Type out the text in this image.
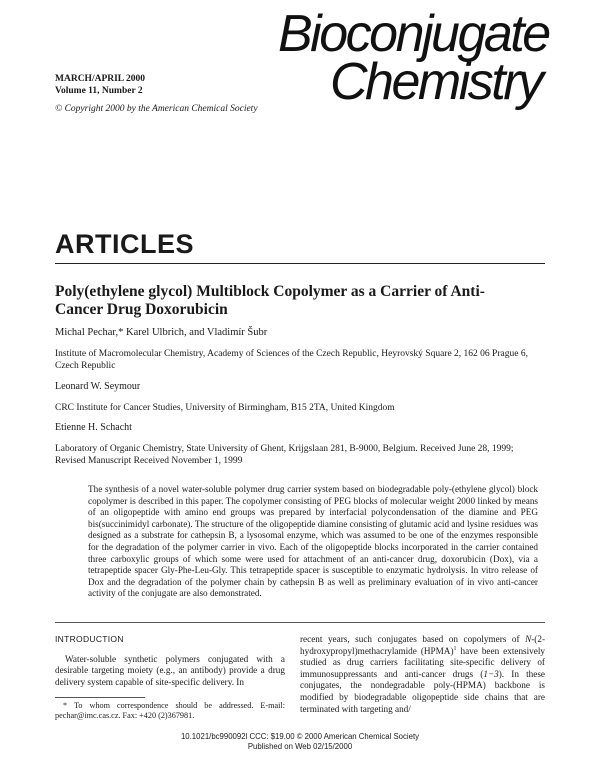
MARCH/APRIL 2000
Volume 11, Number 2
© Copyright 2000 by the American Chemical Society
Bioconjugate
Chemistry
ARTICLES
Poly(ethylene glycol) Multiblock Copolymer as a Carrier of Anti-Cancer Drug Doxorubicin
Michal Pechar,* Karel Ulbrich, and Vladimír Šubr
Institute of Macromolecular Chemistry, Academy of Sciences of the Czech Republic, Heyrovský Square 2, 162 06 Prague 6, Czech Republic
Leonard W. Seymour
CRC Institute for Cancer Studies, University of Birmingham, B15 2TA, United Kingdom
Etienne H. Schacht
Laboratory of Organic Chemistry, State University of Ghent, Krijgslaan 281, B-9000, Belgium. Received June 28, 1999; Revised Manuscript Received November 1, 1999
The synthesis of a novel water-soluble polymer drug carrier system based on biodegradable poly-(ethylene glycol) block copolymer is described in this paper. The copolymer consisting of PEG blocks of molecular weight 2000 linked by means of an oligopeptide with amino end groups was prepared by interfacial polycondensation of the diamine and PEG bis(succinimidyl carbonate). The structure of the oligopeptide diamine consisting of glutamic acid and lysine residues was designed as a substrate for cathepsin B, a lysosomal enzyme, which was assumed to be one of the enzymes responsible for the degradation of the polymer carrier in vivo. Each of the oligopeptide blocks incorporated in the carrier contained three carboxylic groups of which some were used for attachment of an anti-cancer drug, doxorubicin (Dox), via a tetrapeptide spacer Gly-Phe-Leu-Gly. This tetrapeptide spacer is susceptible to enzymatic hydrolysis. In vitro release of Dox and the degradation of the polymer chain by cathepsin B as well as preliminary evaluation of in vivo anti-cancer activity of the conjugate are also demonstrated.
INTRODUCTION
Water-soluble synthetic polymers conjugated with a desirable targeting moiety (e.g., an antibody) provide a drug delivery system capable of site-specific delivery. In
recent years, such conjugates based on copolymers of N-(2-hydroxypropyl)methacrylamide (HPMA)$^1$ have been extensively studied as drug carriers facilitating site-specific delivery of immunosuppressants and anti-cancer drugs (1−3). In these conjugates, the nondegradable poly-(HPMA) backbone is modified by biodegradable oligopeptide side chains that are terminated with targeting and/
* To whom correspondence should be addressed. E-mail: pechar@imc.cas.cz. Fax: +420 (2)367981.
10.1021/bc990092l CCC: $19.00 © 2000 American Chemical Society
Published on Web 02/15/2000
